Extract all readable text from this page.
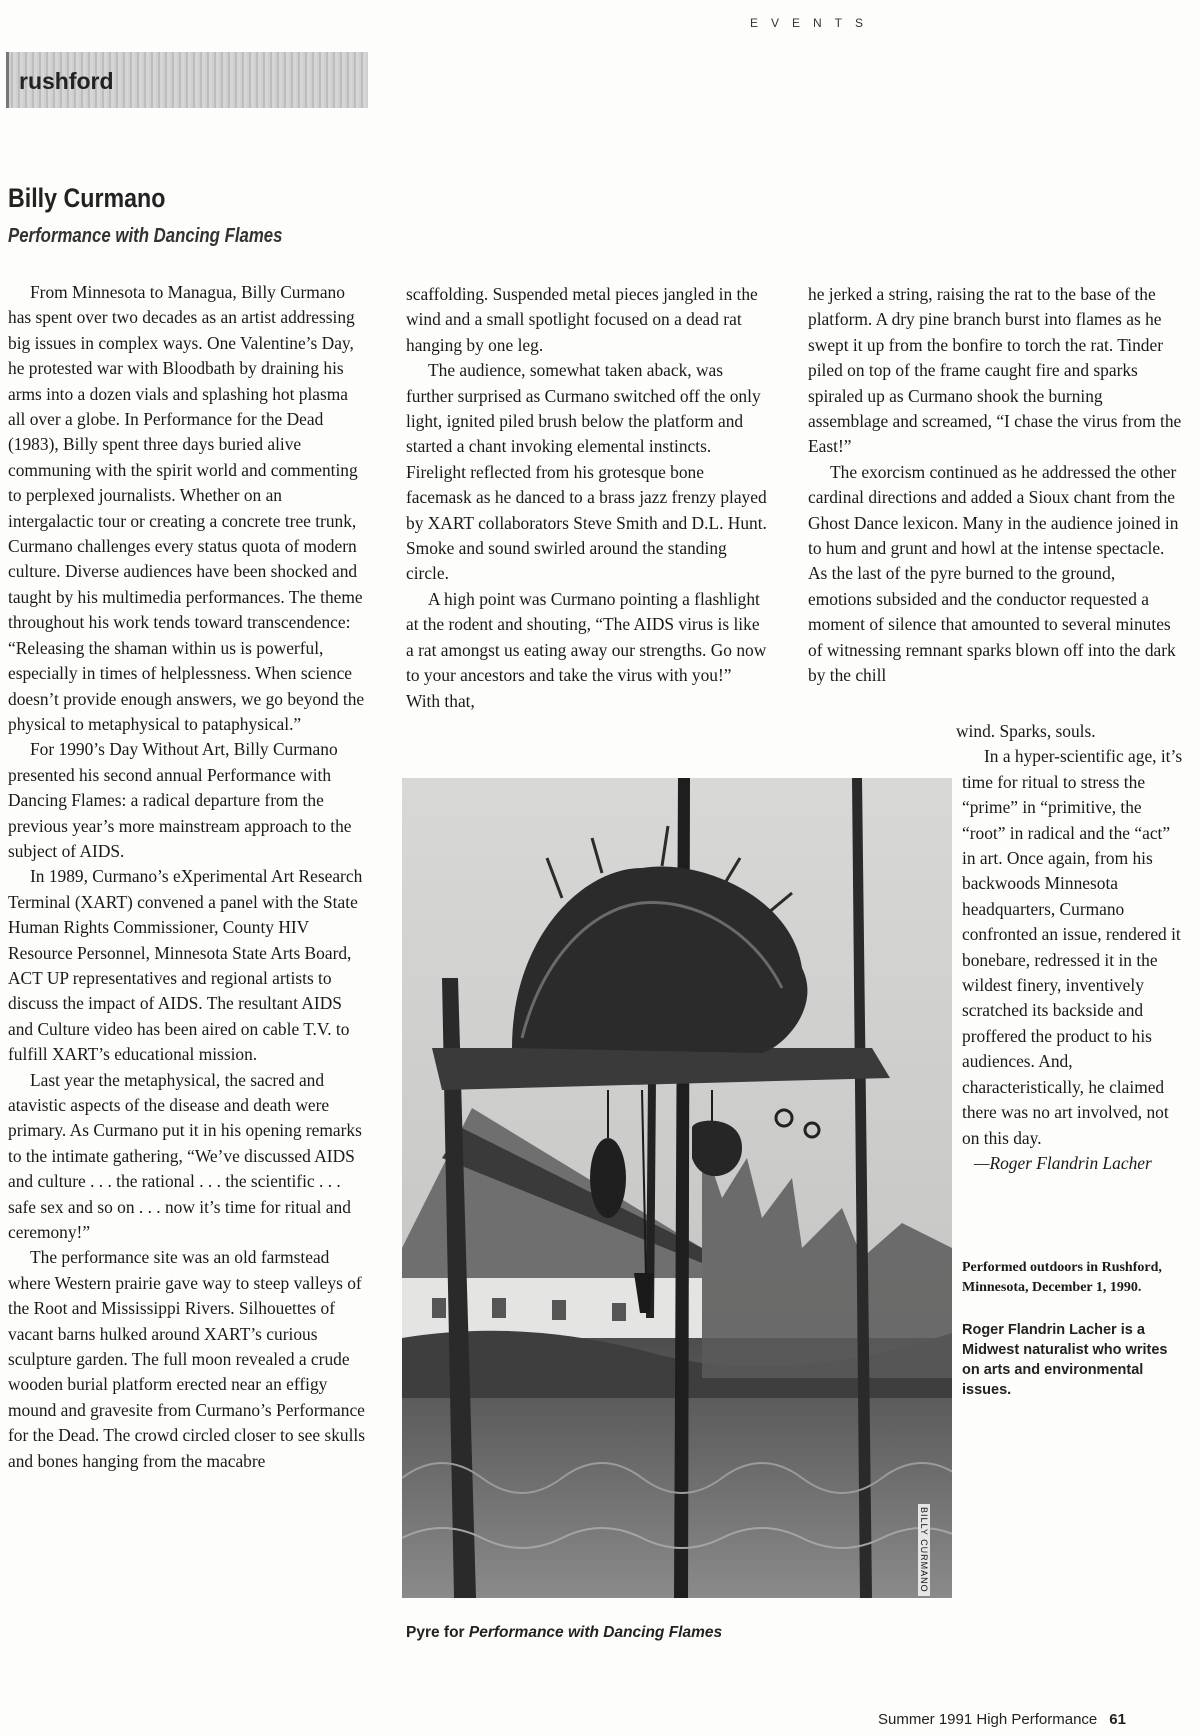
EVENTS
rushford
Billy Curmano
Performance with Dancing Flames

From Minnesota to Managua, Billy Curmano has spent over two decades as an artist addressing big issues in complex ways. One Valentine’s Day, he protested war with Bloodbath by draining his arms into a dozen vials and splashing hot plasma all over a globe. In Performance for the Dead (1983), Billy spent three days buried alive communing with the spirit world and commenting to perplexed journalists. Whether on an intergalactic tour or creating a concrete tree trunk, Curmano challenges every status quota of modern culture. Diverse audiences have been shocked and taught by his multimedia performances. The theme throughout his work tends toward transcendence: “Releasing the shaman within us is powerful, especially in times of helplessness. When science doesn’t provide enough answers, we go beyond the physical to metaphysical to pataphysical.”

For 1990’s Day Without Art, Billy Curmano presented his second annual Performance with Dancing Flames: a radical departure from the previous year’s more mainstream approach to the subject of AIDS.

In 1989, Curmano’s eXperimental Art Research Terminal (XART) convened a panel with the State Human Rights Commissioner, County HIV Resource Personnel, Minnesota State Arts Board, ACT UP representatives and regional artists to discuss the impact of AIDS. The resultant AIDS and Culture video has been aired on cable T.V. to fulfill XART’s educational mission.

Last year the metaphysical, the sacred and atavistic aspects of the disease and death were primary. As Curmano put it in his opening remarks to the intimate gathering, “We’ve discussed AIDS and culture . . . the rational . . . the scientific . . . safe sex and so on . . . now it’s time for ritual and ceremony!”

The performance site was an old farmstead where Western prairie gave way to steep valleys of the Root and Mississippi Rivers. Silhouettes of vacant barns hulked around XART’s curious sculpture garden. The full moon revealed a crude wooden burial platform erected near an effigy mound and gravesite from Curmano’s Performance for the Dead. The crowd circled closer to see skulls and bones hanging from the macabre

scaffolding. Suspended metal pieces jangled in the wind and a small spotlight focused on a dead rat hanging by one leg.

The audience, somewhat taken aback, was further surprised as Curmano switched off the only light, ignited piled brush below the platform and started a chant invoking elemental instincts. Firelight reflected from his grotesque bone facemask as he danced to a brass jazz frenzy played by XART collaborators Steve Smith and D.L. Hunt. Smoke and sound swirled around the standing circle.

A high point was Curmano pointing a flashlight at the rodent and shouting, “The AIDS virus is like a rat amongst us eating away our strengths. Go now to your ancestors and take the virus with you!” With that,

he jerked a string, raising the rat to the base of the platform. A dry pine branch burst into flames as he swept it up from the bonfire to torch the rat. Tinder piled on top of the frame caught fire and sparks spiraled up as Curmano shook the burning assemblage and screamed, “I chase the virus from the East!”

The exorcism continued as he addressed the other cardinal directions and added a Sioux chant from the Ghost Dance lexicon. Many in the audience joined in to hum and grunt and howl at the intense spectacle. As the last of the pyre burned to the ground, emotions subsided and the conductor requested a moment of silence that amounted to several minutes of witnessing remnant sparks blown off into the dark by the chill

wind. Sparks, souls.

In a hyper-scientific age, it’s time for ritual to stress the “prime” in “primitive, the “root” in radical and the “act” in art. Once again, from his backwoods Minnesota headquarters, Curmano confronted an issue, rendered it bonebare, redressed it in the wildest finery, inventively scratched its backside and proffered the product to his audiences. And, characteristically, he claimed there was no art involved, not on this day.

—Roger Flandrin Lacher

Performed outdoors in Rushford, Minnesota, December 1, 1990.
Roger Flandrin Lacher is a Midwest naturalist who writes on arts and environmental issues.
BILLY CURMANO
Pyre for Performance with Dancing Flames
Summer 1991 High Performance 61
